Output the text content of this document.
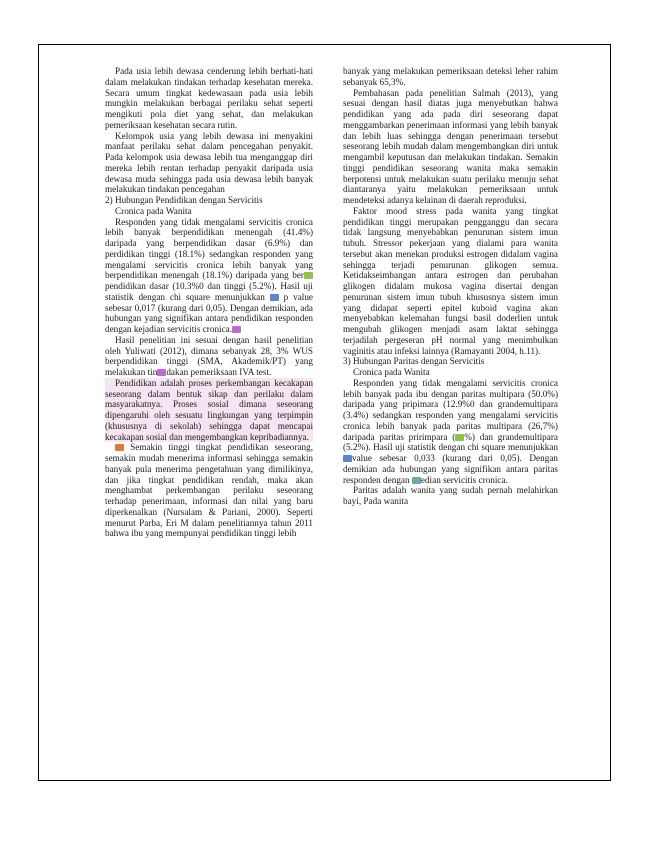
Pada usia lebih dewasa cenderung lebih berhati-hati dalam melakukan tindakan terhadap kesehatan mereka. Secara umum tingkat kedewasaan pada usia lebih mungkin melakukan berbagai perilaku sehat seperti mengikuti pola diet yang sehat, dan melakukan pemeriksaan kesehatan secara rutin.

Kelompok usia yang lebih dewasa ini menyakini manfaat perilaku sehat dalam pencegahan penyakit. Pada kelompok usia dewasa lebih tua menganggap diri mereka lebih rentan terhadap penyakit daripada usia dewasa muda sehingga pada usia dewasa lebih banyak melakukan tindakan pencegahan

2) Hubungan Pendidikan dengan Servicitis
Cronica pada Wanita

Responden yang tidak mengalami servicitis cronica lebih banyak berpendidikan menengah (41.4%) daripada yang berpendidikan dasar (6.9%) dan perdidikan tinggi (18.1%) sedangkan responden yang mengalami servicitis cronica lebih banyak yang berpendidikan menengah (18.1%) daripada yang berpendidikan dasar (10.3%0 dan tinggi (5.2%). Hasil uji statistik dengan chi square menunjukkan p value sebesar 0,017 (kurang dari 0,05). Dengan demikian, ada hubungan yang signifikan antara pendidikan responden dengan kejadian servicitis cronica.

Hasil penelitian ini sesuai dengan hasil penelitian oleh Yuliwati (2012), dimana sebanyak 28, 3% WUS berpendidikan tinggi (SMA, Akademik/PT) yang melakukan tin dakan pemeriksaan IVA test.

Pendidikan adalah proses perkembangan kecakapan seseorang dalam bentuk sikap dan perilaku dalam masyarakatnya. Proses sosial dimana seseorang dipengaruhi oleh sesuatu lingkungan yang terpimpin (khususnya di sekolah) sehingga dapat mencapai kecakapan sosial dan mengembangkan kepribadiannya.

Semakin tinggi tingkat pendidikan seseorang, semakin mudah menerima informasi sehingga semakin banyak pula menerima pengetahuan yang dimilikinya, dan jika tingkat pendidikan rendah, maka akan menghambat perkembangan perilaku seseorang terhadap penerimaan, informasi dan nilai yang baru diperkenalkan (Nursalam & Pariani, 2000). Seperti menurut Parba, Eri M dalam penelitiannya tahun 2011 bahwa ibu yang mempunyai pendidikan tinggi lebih

banyak yang melakukan pemeriksaan deteksi leher rahim sebanyak 65,3%.

Pembahasan pada penelitian Salmah (2013), yang sesuai dengan hasil diatas juga menyebutkan bahwa pendidikan yang ada pada diri seseorang dapat menggambarkan penerimaan informasi yang lebih banyak dan lebih luas sehingga dengan penerimaan tersebut seseorang lebih mudah dalam mengembangkan diri untuk mengambil keputusan dan melakukan tindakan. Semakin tinggi pendidikan seseorang wanita maka semakin berpotensi untuk melakukan suatu perilaku menuju sehat diantaranya yaitu melakukan pemeriksaan untuk mendeteksi adanya kelainan di daerah reproduksi.

Faktor mood stress pada wanita yang tingkat pendidikan tinggi merupakan pengganggu dan secara tidak langsung menyebabkan penurunan sistem imun tubuh. Stressor pekerjaan yang dialami para wanita tersebut akan menekan produksi estrogen didalam vagina sehingga terjadi penurunan glikogen semua. Ketidakseimbangan antara estrogen dan perubahan glikogen didalam mukosa vagina disertai dengan penurunan sistem imun tubuh khususnya sistem imun yang didapat seperti epitel kuboid vagina akan menyebabkan kelemahan fungsi basil doderlien untuk mengubah glikogen menjadi asam laktat sehingga terjadilah pergeseran pH normal yang menimbulkan vaginitis atau infeksi lainnya (Ramayanti 2004, h.11).

3) Hubungan Paritas dengan Servicitis
Cronica pada Wanita

Responden yang tidak mengalami servicitis cronica lebih banyak pada ibu dengan paritas multipara (50.0%) daripada yang pripimara (12.9%0 dan grandemultipara (3.4%) sedangkan responden yang mengalami servicitis cronica lebih banyak pada paritas multipara (26,7%) daripada paritas pririmpara ( %) dan grandemultipara (5.2%). Hasil uji statistik dengan chi square menunjukkan value sebesar 0,033 (kurang dari 0,05). Dengan demikian ada hubungan yang signifikan antara paritas responden dengan edian servicitis cronica.

Paritas adalah wanita yang sudah pernah melahirkan bayi, Pada wanita
